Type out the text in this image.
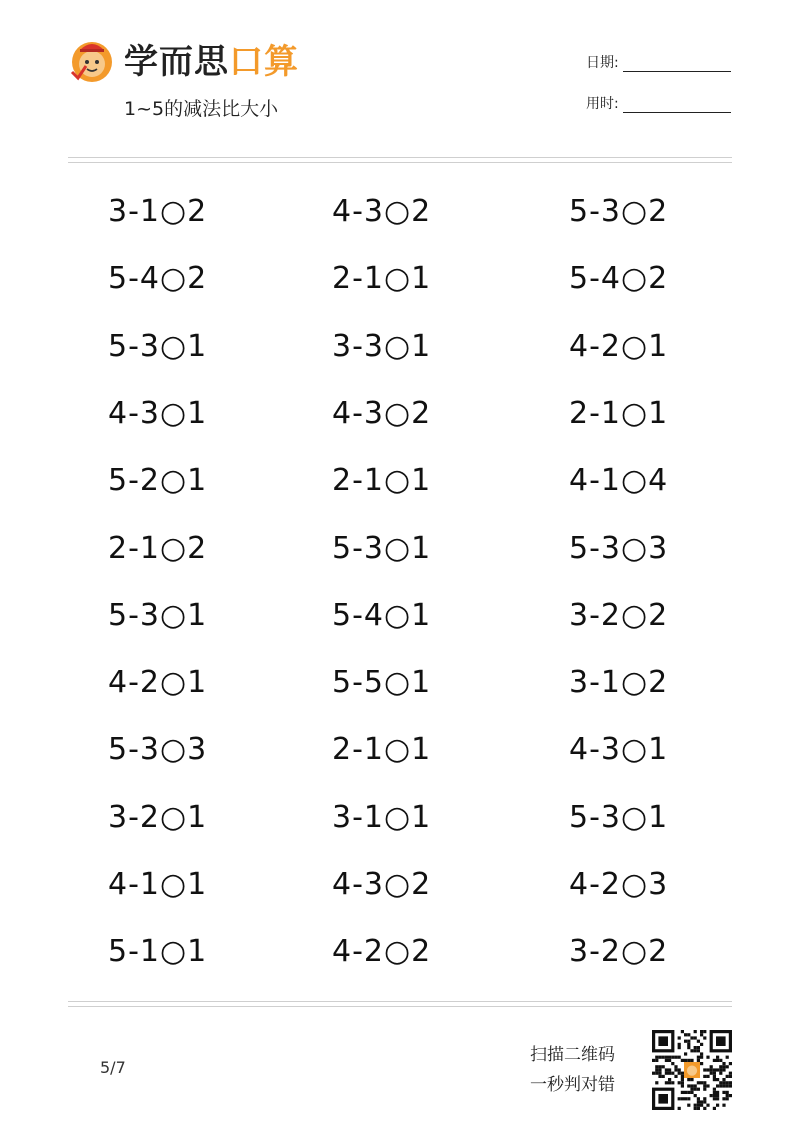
学而思口算
1~5的减法比大小
日期:
用时:
3-1○2	4-3○2	5-3○2
5-4○2	2-1○1	5-4○2
5-3○1	3-3○1	4-2○1
4-3○1	4-3○2	2-1○1
5-2○1	2-1○1	4-1○4
2-1○2	5-3○1	5-3○3
5-3○1	5-4○1	3-2○2
4-2○1	5-5○1	3-1○2
5-3○3	2-1○1	4-3○1
3-2○1	3-1○1	5-3○1
4-1○1	4-3○2	4-2○3
5-1○1	4-2○2	3-2○2
5/7
扫描二维码
一秒判对错
